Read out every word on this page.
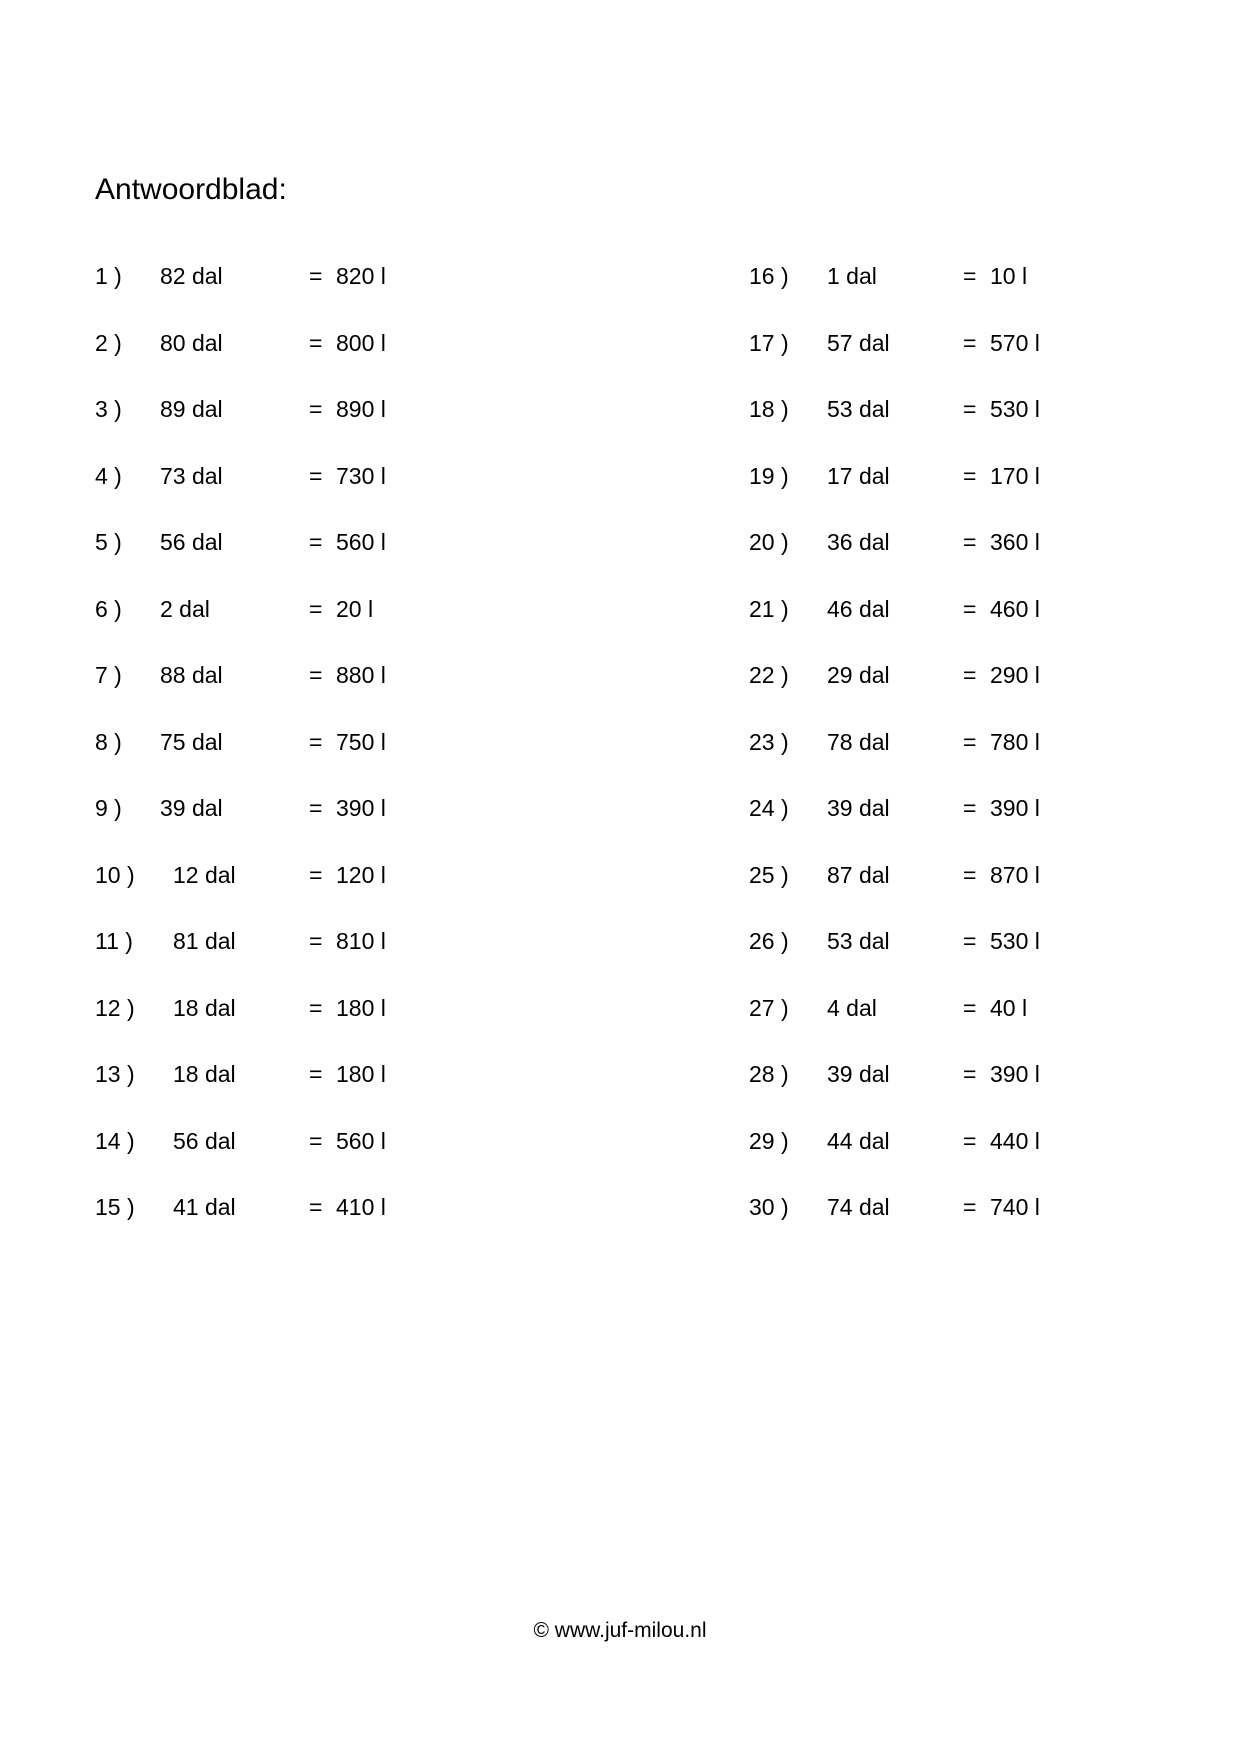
Antwoordblad:
1 ) 82 dal	= 820 l
2 ) 80 dal	= 800 l
3 ) 89 dal	= 890 l
4 ) 73 dal	= 730 l
5 ) 56 dal	= 560 l
6 ) 2 dal	= 20 l
7 ) 88 dal	= 880 l
8 ) 75 dal	= 750 l
9 ) 39 dal	= 390 l
10 ) 12 dal	= 120 l
11 ) 81 dal	= 810 l
12 ) 18 dal	= 180 l
13 ) 18 dal	= 180 l
14 ) 56 dal	= 560 l
15 ) 41 dal	= 410 l
16 ) 1 dal	= 10 l
17 ) 57 dal	= 570 l
18 ) 53 dal	= 530 l
19 ) 17 dal	= 170 l
20 ) 36 dal	= 360 l
21 ) 46 dal	= 460 l
22 ) 29 dal	= 290 l
23 ) 78 dal	= 780 l
24 ) 39 dal	= 390 l
25 ) 87 dal	= 870 l
26 ) 53 dal	= 530 l
27 ) 4 dal	= 40 l
28 ) 39 dal	= 390 l
29 ) 44 dal	= 440 l
30 ) 74 dal	= 740 l
© www.juf-milou.nl
